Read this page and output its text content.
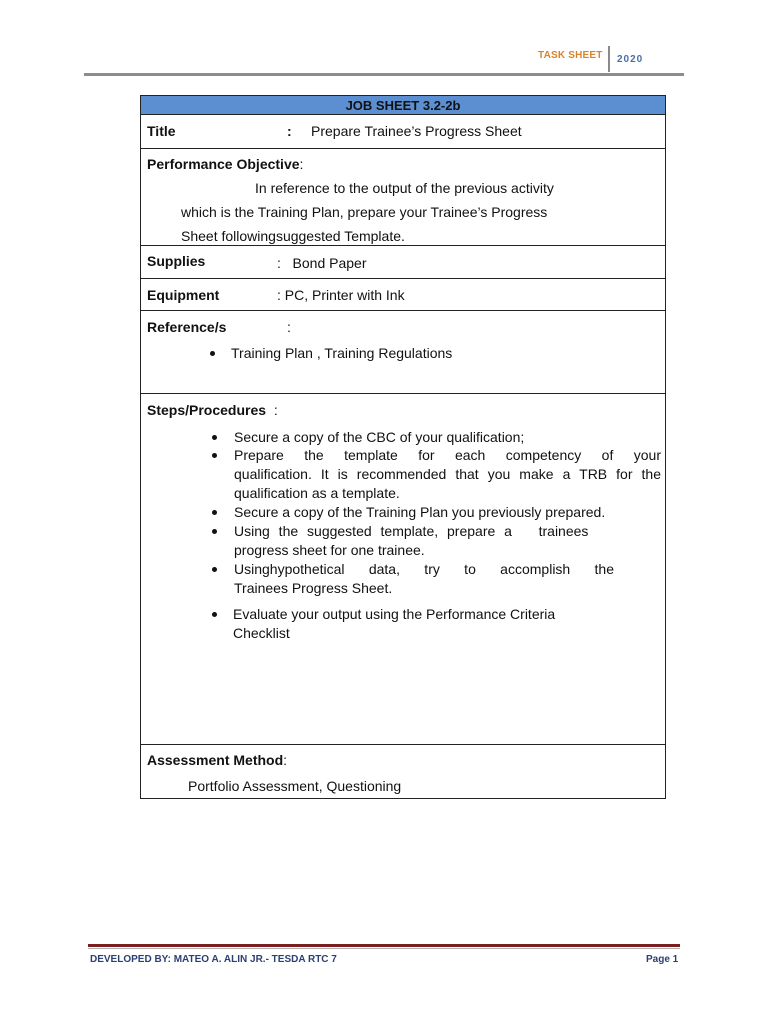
TASK SHEET 2020
JOB SHEET 3.2-2b
Title	: Prepare Trainee’s Progress Sheet
Performance Objective:
In reference to the output of the previous activity
which is the Training Plan, prepare your Trainee’s Progress
Sheet followingsuggested Template.
Supplies	:   Bond Paper
Equipment	: PC, Printer with Ink
Reference/s	:
Training Plan , Training Regulations
Steps/Procedures :
Secure a copy of the CBC of your qualification;
Prepare the template for each competency of your
qualification. It is recommended that you make a TRB for the
qualification as a template.
Secure a copy of the Training Plan you previously prepared.
Using the suggested template, prepare a   trainees
progress sheet for one trainee.
Usinghypothetical data, try to accomplish the
Trainees Progress Sheet.
Evaluate your output using the Performance Criteria
Checklist
Assessment Method:
Portfolio Assessment, Questioning
DEVELOPED BY: MATEO A. ALIN JR.- TESDA RTC 7	Page 1
